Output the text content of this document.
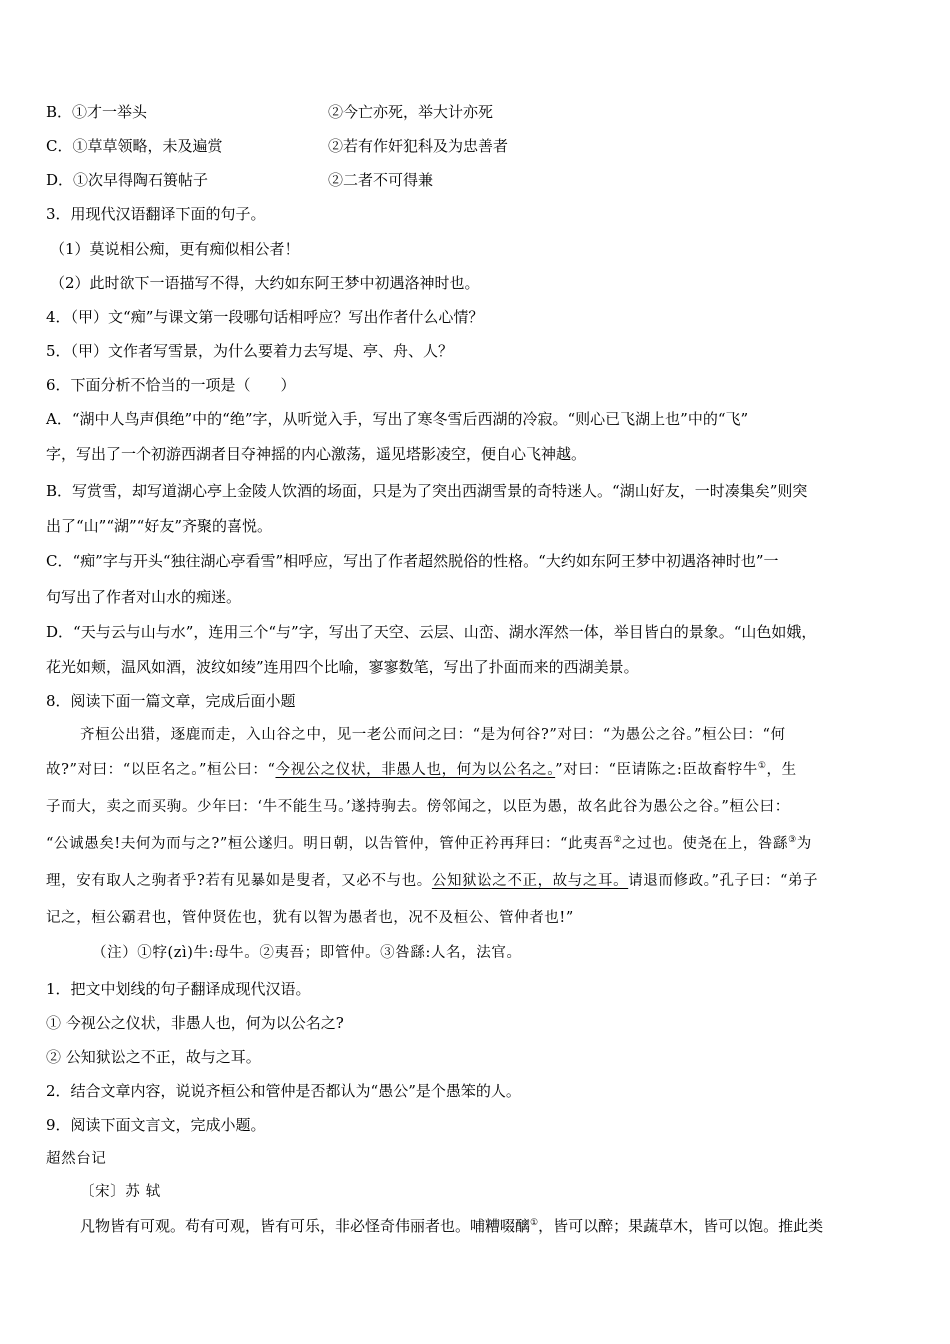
B．①才一举头	②今亡亦死，举大计亦死
C．①草草领略，未及遍赏	②若有作奸犯科及为忠善者
D．①次早得陶石篑帖子	②二者不可得兼
3．用现代汉语翻译下面的句子。
（1）莫说相公痴，更有痴似相公者！
（2）此时欲下一语描写不得，大约如东阿王梦中初遇洛神时也。
4．（甲）文“痴”与课文第一段哪句话相呼应？写出作者什么心情？
5．（甲）文作者写雪景，为什么要着力去写堤、亭、舟、人？
6．下面分析不恰当的一项是（　　）
A．“湖中人鸟声俱绝”中的“绝”字，从听觉入手，写出了寒冬雪后西湖的冷寂。“则心已飞湖上也”中的“飞”
字，写出了一个初游西湖者目夺神摇的内心激荡，遥见塔影凌空，便自心飞神越。
B．写赏雪，却写道湖心亭上金陵人饮酒的场面，只是为了突出西湖雪景的奇特迷人。“湖山好友，一时凑集矣”则突
出了“山”“湖”“好友”齐聚的喜悦。
C．“痴”字与开头“独往湖心亭看雪”相呼应，写出了作者超然脱俗的性格。“大约如东阿王梦中初遇洛神时也”一
句写出了作者对山水的痴迷。
D．“天与云与山与水”，连用三个“与”字，写出了天空、云层、山峦、湖水浑然一体，举目皆白的景象。“山色如娥，
花光如颊，温风如酒，波纹如绫”连用四个比喻，寥寥数笔，写出了扑面而来的西湖美景。
8．阅读下面一篇文章，完成后面小题
齐桓公出猎，逐鹿而走，入山谷之中，见一老公而问之曰：“是为何谷?”对曰：“为愚公之谷。”桓公曰：“何
故?”对曰：“以臣名之。”桓公曰：“今视公之仪状，非愚人也，何为以公名之。”对曰：“臣请陈之:臣故畜牸牛①，生
子而大，卖之而买驹。少年曰：‘牛不能生马。’遂持驹去。傍邻闻之，以臣为愚，故名此谷为愚公之谷。”桓公曰：
“公诚愚矣!夫何为而与之?”桓公遂归。明日朝，以告管仲，管仲正衿再拜曰：“此夷吾②之过也。使尧在上，咎繇③为
理，安有取人之驹者乎?若有见暴如是叟者，又必不与也。公知狱讼之不正，故与之耳。请退而修政。”孔子曰：“弟子
记之，桓公霸君也，管仲贤佐也，犹有以智为愚者也，况不及桓公、管仲者也!”
（注）①牸(zì)牛:母牛。②夷吾；即管仲。③咎繇:人名，法官。
1．把文中划线的句子翻译成现代汉语。
① 今视公之仪状，非愚人也，何为以公名之?
② 公知狱讼之不正，故与之耳。
2．结合文章内容，说说齐桓公和管仲是否都认为“愚公”是个愚笨的人。
9．阅读下面文言文，完成小题。
超然台记
〔宋〕苏 轼
凡物皆有可观。苟有可观，皆有可乐，非必怪奇伟丽者也。哺糟啜醨①，皆可以醉；果蔬草木，皆可以饱。推此类
